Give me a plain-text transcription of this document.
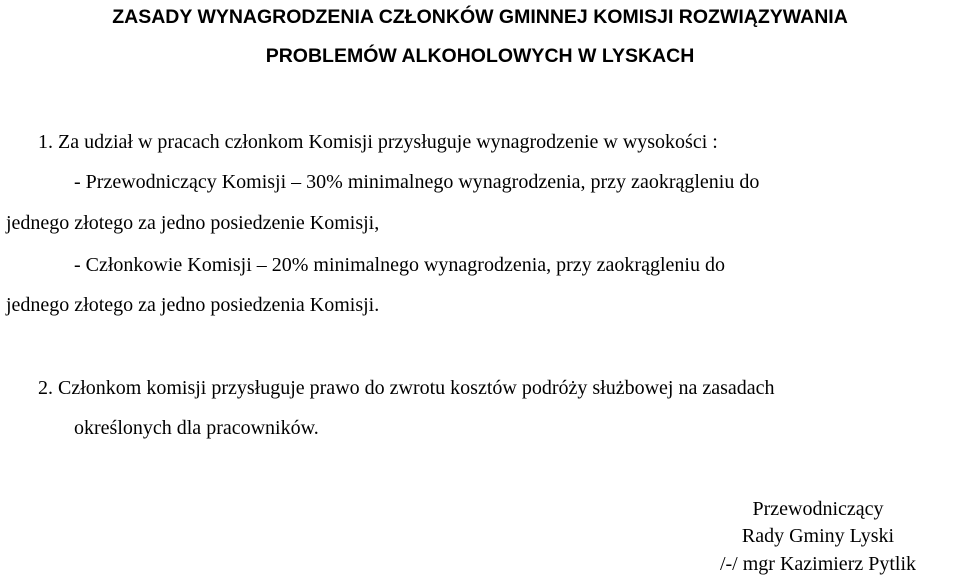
ZASADY WYNAGRODZENIA CZŁONKÓW GMINNEJ KOMISJI ROZWIĄZYWANIA
PROBLEMÓW ALKOHOLOWYCH W LYSKACH
1. Za udział w pracach członkom Komisji przysługuje wynagrodzenie w wysokości :
- Przewodniczący Komisji – 30% minimalnego wynagrodzenia, przy zaokrągleniu do
jednego złotego za jedno posiedzenie Komisji,
- Członkowie Komisji – 20% minimalnego wynagrodzenia, przy zaokrągleniu do
jednego złotego za jedno posiedzenia Komisji.
2. Członkom komisji przysługuje prawo do zwrotu kosztów podróży służbowej na zasadach
określonych dla pracowników.
Przewodniczący
Rady Gminy Lyski
/-/ mgr Kazimierz Pytlik
